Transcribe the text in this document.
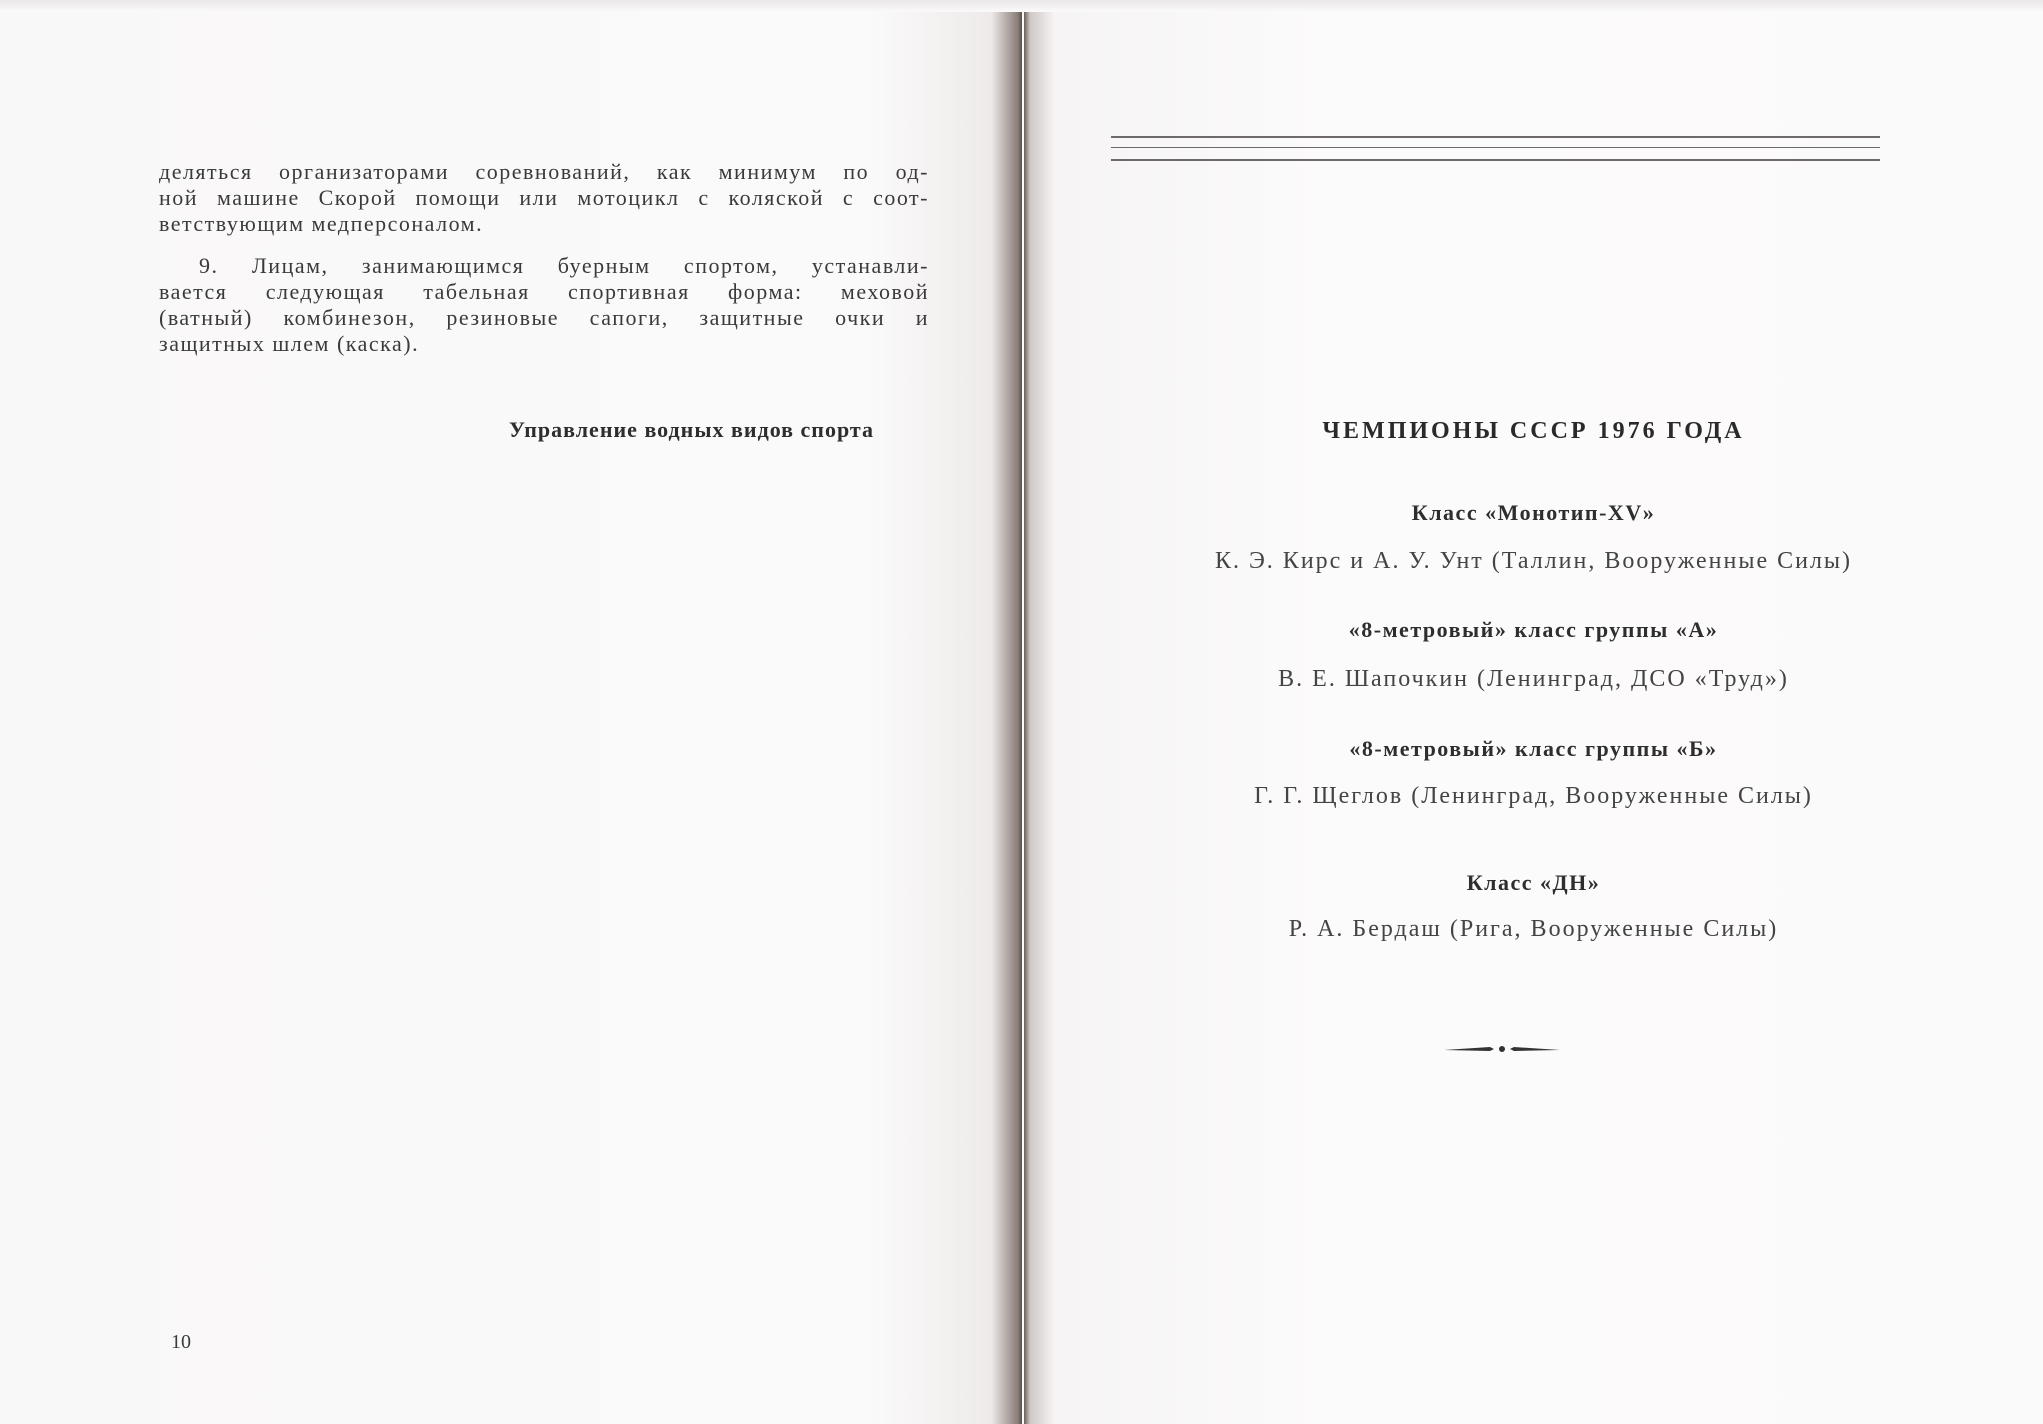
деляться организаторами соревнований, как минимум по од-
ной машине Скорой помощи или мотоцикл с коляской с соот-
ветствующим медперсоналом.
9. Лицам, занимающимся буерным спортом, устанавли-
вается следующая табельная спортивная форма: меховой
(ватный) комбинезон, резиновые сапоги, защитные очки и
защитных шлем (каска).
Управление водных видов спорта
10
ЧЕМПИОНЫ СССР 1976 ГОДА
Класс «Монотип-XV»
К. Э. Кирс и А. У. Унт (Таллин, Вооруженные Силы)
«8-метровый» класс группы «А»
В. Е. Шапочкин (Ленинград, ДСО «Труд»)
«8-метровый» класс группы «Б»
Г. Г. Щеглов (Ленинград, Вооруженные Силы)
Класс «ДН»
Р. А. Бердаш (Рига, Вооруженные Силы)
